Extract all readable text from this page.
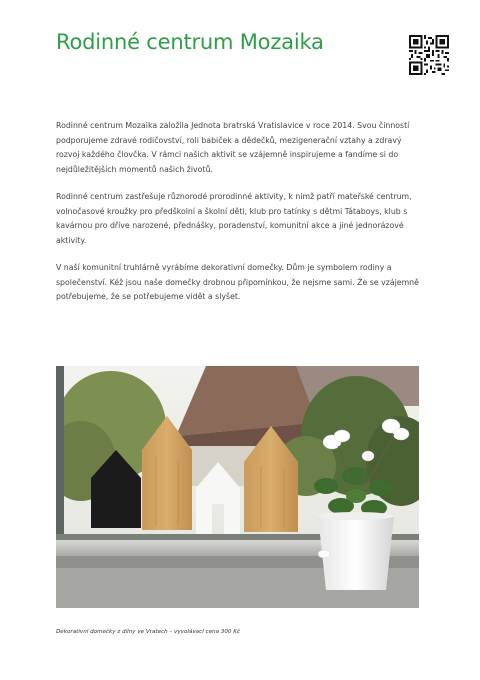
Rodinné centrum Mozaika

Rodinné centrum Mozaika založila Jednota bratrská Vratislavice v roce 2014. Svou činností podporujeme zdravé rodičovství, roli babiček a dědečků, mezigenerační vztahy a zdravý rozvoj každého človčka. V rámci našich aktivit se vzájemně inspirujeme a fandíme si do nejdůležitějších momentů našich životů.

Rodinné centrum zastřešuje různorodé prorodinné aktivity, k nimž patří mateřské centrum, volnočasové kroužky pro předškolní a školní děti, klub pro tatínky s dětmi Tátaboys, klub s kavárnou pro dříve narozené, přednášky, poradenství, komunitní akce a jiné jednorázové aktivity.

V naší komunitní truhlárně vyrábíme dekorativní domečky. Dům je symbolem rodiny a společenství. Kéž jsou naše domečky drobnou připomínkou, že nejsme sami. Že se vzájemně potřebujeme, že se potřebujeme vidět a slyšet.

Dekorativní domečky z dílny ve Vratech – vyvolávací cena 300 Kč
